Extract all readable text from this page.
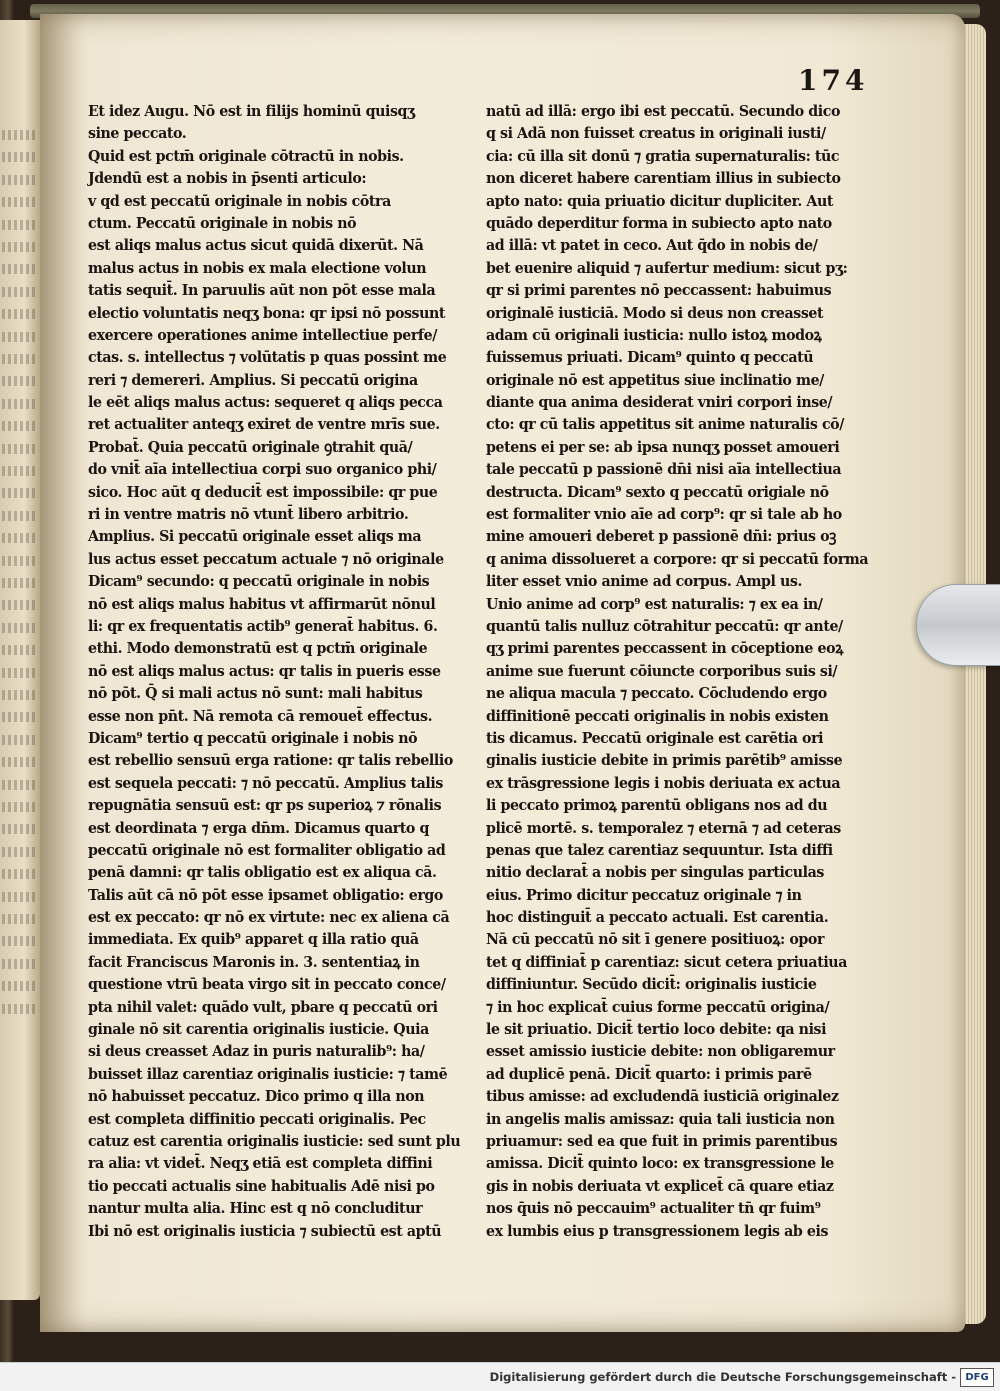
174
Et idez Augu. Nō est in filijs hominū quisqʒ
sine peccato.
Quid est pctm̄ originale cōtractū in nobis.
Jdendū est a nobis in p̄senti articulo:
v qd est peccatū originale in nobis cōtra
ctum. Peccatū originale in nobis nō
est aliqs malus actus sicut quidā dixerūt. Nā
malus actus in nobis ex mala electione volun
tatis sequit̄. In paruulis aūt non pōt esse mala
electio voluntatis neqʒ bona: qr ipsi nō possunt
exercere operationes anime intellectiue perfe/
ctas. s. intellectus ⁊ volūtatis p quas possint me
reri ⁊ demereri. Amplius. Si peccatū origina
le eēt aliqs malus actus: sequeret q aliqs pecca
ret actualiter anteqʒ exiret de ventre mrīs sue.
Probat̄. Quia peccatū originale ꝯtrahit quā/
do vnit̄ aīa intellectiua corpi suo organico phi/
sico. Hoc aūt q deducit̄ est impossibile: qr pue
ri in ventre matris nō vtunt̄ libero arbitrio.
Amplius. Si peccatū originale esset aliqs ma
lus actus esset peccatum actuale ⁊ nō originale
Dicam⁹ secundo: q peccatū originale in nobis
nō est aliqs malus habitus vt affirmarūt nōnul
li: qr ex frequentatis actib⁹ generat̄ habitus. 6.
ethi. Modo demonstratū est q pctm̄ originale
nō est aliqs malus actus: qr talis in pueris esse
nō pōt. Q̄ si mali actus nō sunt: mali habitus
esse non pn̄t. Nā remota cā remouet̄ effectus.
Dicam⁹ tertio q peccatū originale i nobis nō
est rebellio sensuū erga ratione: qr talis rebellio
est sequela peccati: ⁊ nō peccatū. Amplius talis
repugnātia sensuū est: qr ps superioꝝ ⁊ rōnalis
est deordinata ⁊ erga dn̄m. Dicamus quarto q
peccatū originale nō est formaliter obligatio ad
penā damni: qr talis obligatio est ex aliqua cā.
Talis aūt cā nō pōt esse ipsamet obligatio: ergo
est ex peccato: qr nō ex virtute: nec ex aliena cā
immediata. Ex quib⁹ apparet q illa ratio quā
facit Franciscus Maronis in. 3. sententiaꝝ in
questione vtrū beata virgo sit in peccato conce/
pta nihil valet: quādo vult, pbare q peccatū ori
ginale nō sit carentia originalis iusticie. Quia
si deus creasset Adaz in puris naturalib⁹: ha/
buisset illaz carentiaz originalis iusticie: ⁊ tamē
nō habuisset peccatuz. Dico primo q illa non
est completa diffinitio peccati originalis. Pec
catuz est carentia originalis iusticie: sed sunt plu
ra alia: vt videt̄. Neqʒ etiā est completa diffini
tio peccati actualis sine habitualis Adē nisi po
nantur multa alia. Hinc est q nō concluditur
Ibi nō est originalis iusticia ⁊ subiectū est aptū
natū ad illā: ergo ibi est peccatū. Secundo dico
q si Adā non fuisset creatus in originali iusti/
cia: cū illa sit donū ⁊ gratia supernaturalis: tūc
non diceret habere carentiam illius in subiecto
apto nato: quia priuatio dicitur dupliciter. Aut
quādo deperditur forma in subiecto apto nato
ad illā: vt patet in ceco. Aut q̄do in nobis de/
bet euenire aliquid ⁊ aufertur medium: sicut pʒ:
qr si primi parentes nō peccassent: habuimus
originalē iusticiā. Modo si deus non creasset
adam cū originali iusticia: nullo istoꝝ modoꝝ
fuissemus priuati. Dicam⁹ quinto q peccatū
originale nō est appetitus siue inclinatio me/
diante qua anima desiderat vniri corpori inse/
cto: qr cū talis appetitus sit anime naturalis cō/
petens ei per se: ab ipsa nunqʒ posset amoueri
tale peccatū p passionē dn̄i nisi aīa intellectiua
destructa. Dicam⁹ sexto q peccatū origiale nō
est formaliter vnio aīe ad corp⁹: qr si tale ab ho
mine amoueri deberet p passionē dn̄i: prius oꝫ
q anima dissolueret a corpore: qr si peccatū forma
liter esset vnio anime ad corpus. Ampl us.
Unio anime ad corp⁹ est naturalis: ⁊ ex ea in/
quantū talis nulluz cōtrahitur peccatū: qr ante/
qʒ primi parentes peccassent in cōceptione eoꝝ
anime sue fuerunt cōiuncte corporibus suis si/
ne aliqua macula ⁊ peccato. Cōcludendo ergo
diffinitionē peccati originalis in nobis existen
tis dicamus. Peccatū originale est carētia ori
ginalis iusticie debite in primis parētib⁹ amisse
ex trāsgressione legis i nobis deriuata ex actua
li peccato primoꝝ parentū obligans nos ad du
plicē mortē. s. temporalez ⁊ eternā ⁊ ad ceteras
penas que talez carentiaz sequuntur. Ista diffi
nitio declarat̄ a nobis per singulas particulas
eius. Primo dicitur peccatuz originale ⁊ in
hoc distinguit̄ a peccato actuali. Est carentia.
Nā cū peccatū nō sit ī genere positiuoꝝ: opor
tet q diffiniat̄ p carentiaz: sicut cetera priuatiua
diffiniuntur. Secūdo dicit̄: originalis iusticie
⁊ in hoc explicat̄ cuius forme peccatū origina/
le sit priuatio. Dicit̄ tertio loco debite: qa nisi
esset amissio iusticie debite: non obligaremur
ad duplicē penā. Dicit̄ quarto: i primis parē
tibus amisse: ad excludendā iusticiā originalez
in angelis malis amissaz: quia tali iusticia non
priuamur: sed ea que fuit in primis parentibus
amissa. Dicit̄ quinto loco: ex transgressione le
gis in nobis deriuata vt explicet̄ cā quare etiaz
nos q̄uis nō peccauim⁹ actualiter tn̄ qr fuim⁹
ex lumbis eius p transgressionem legis ab eis
Digitalisierung gefördert durch die Deutsche Forschungsgemeinschaft - DFG
